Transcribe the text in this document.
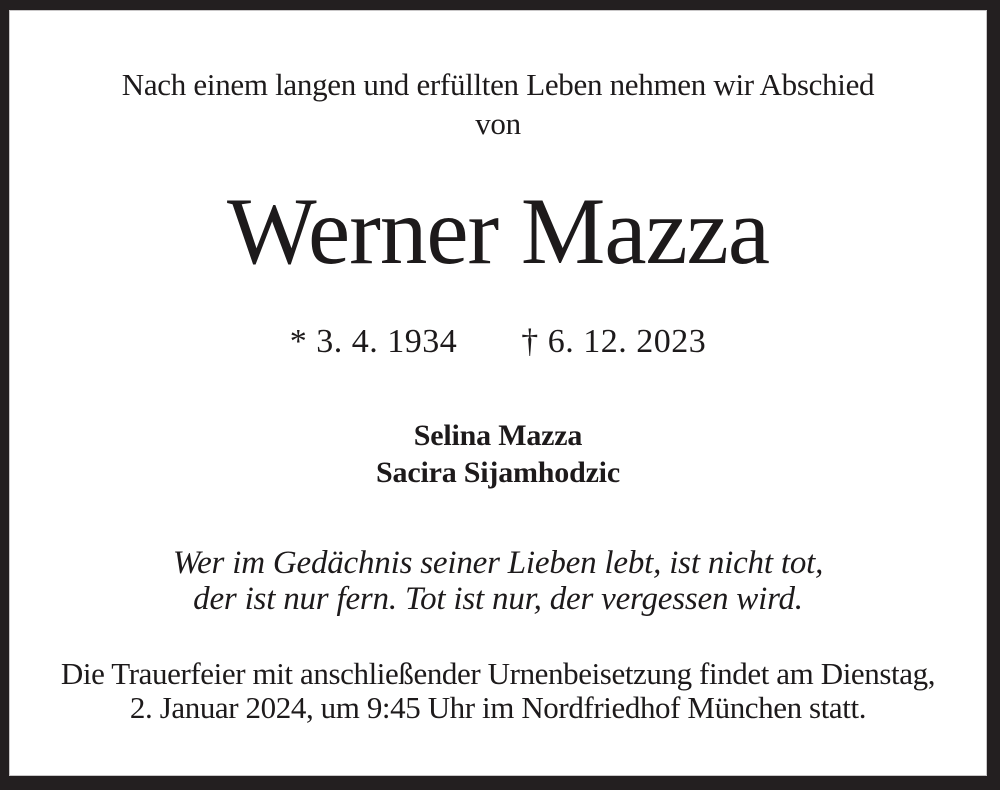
Nach einem langen und erfüllten Leben nehmen wir Abschied
von
Werner Mazza
* 3. 4. 1934 † 6. 12. 2023
Selina Mazza
Sacira Sijamhodzic
Wer im Gedächnis seiner Lieben lebt, ist nicht tot,
der ist nur fern. Tot ist nur, der vergessen wird.
Die Trauerfeier mit anschließender Urnenbeisetzung findet am Dienstag,
2. Januar 2024, um 9:45 Uhr im Nordfriedhof München statt.
